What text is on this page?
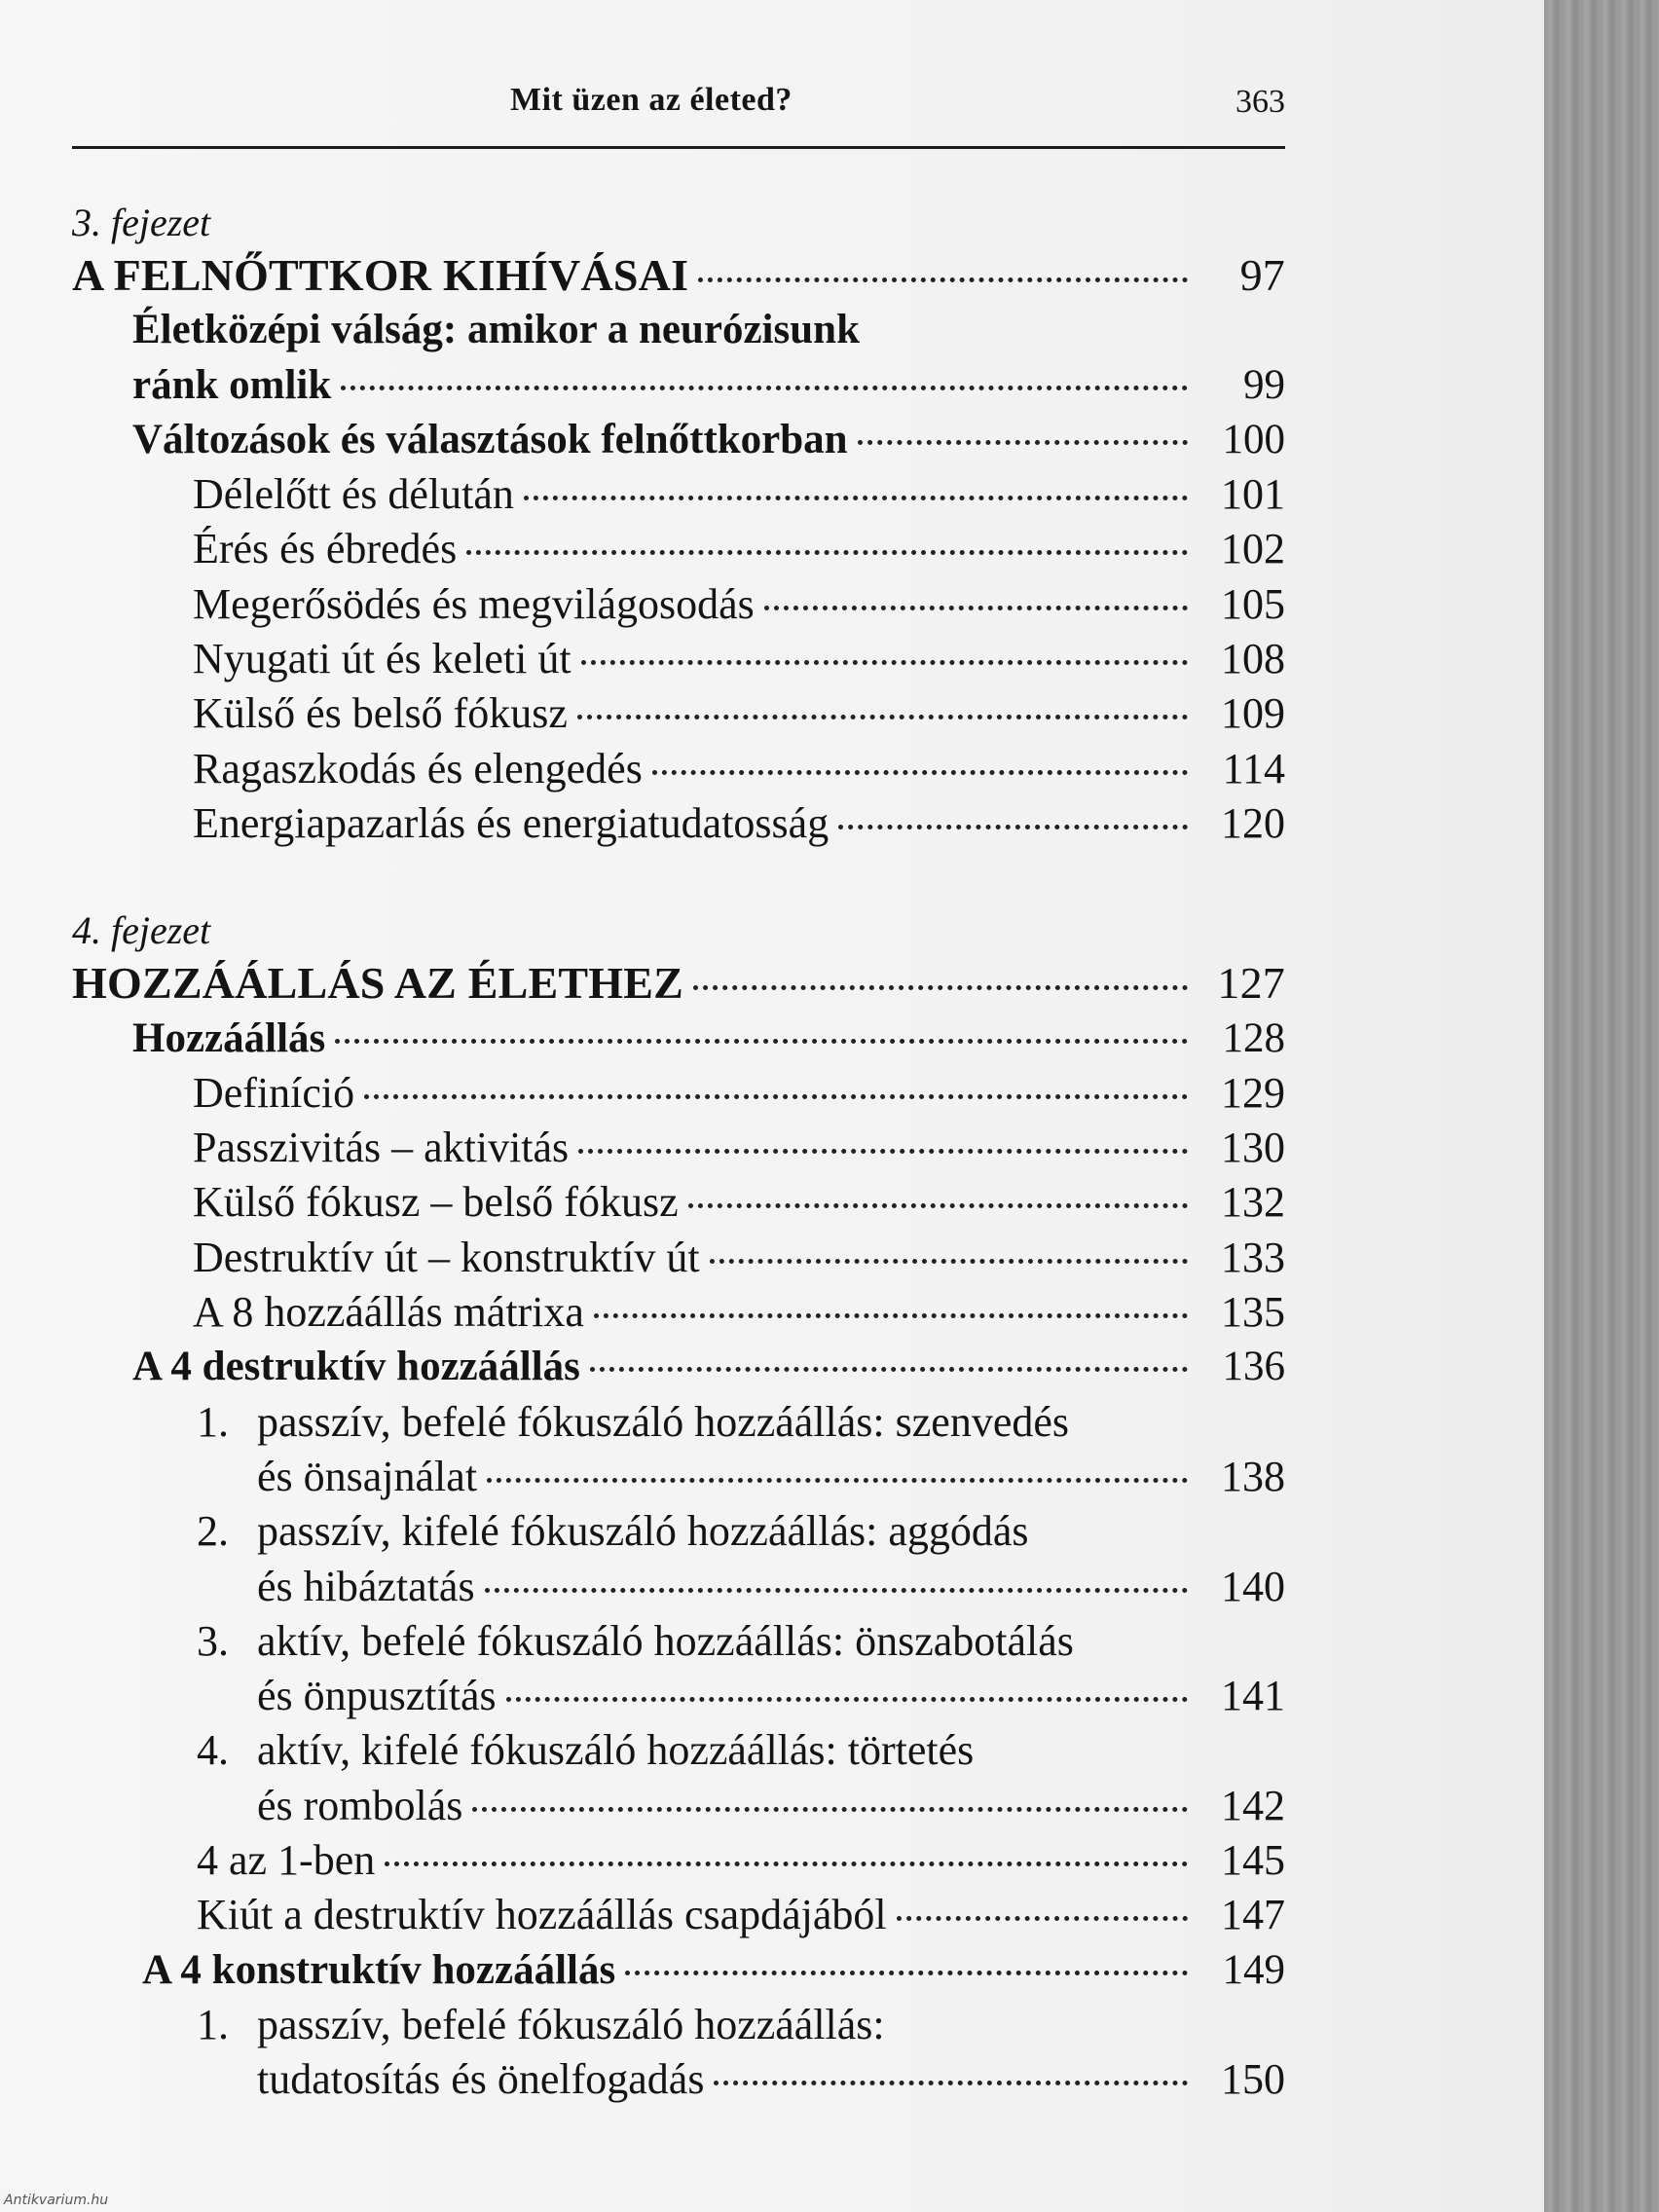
Mit üzen az életed?	363
3. fejezet
A FELNŐTTKOR KIHÍVÁSAI	97
Életközépi válság: amikor a neurózisunk
ránk omlik	99
Változások és választások felnőttkorban	100
Délelőtt és délután	101
Érés és ébredés	102
Megerősödés és megvilágosodás	105
Nyugati út és keleti út	108
Külső és belső fókusz	109
Ragaszkodás és elengedés	114
Energiapazarlás és energiatudatosság	120
4. fejezet
HOZZÁÁLLÁS AZ ÉLETHEZ	127
Hozzáállás	128
Definíció	129
Passzivitás – aktivitás	130
Külső fókusz – belső fókusz	132
Destruktív út – konstruktív út	133
A 8 hozzáállás mátrixa	135
A 4 destruktív hozzáállás	136
1. passzív, befelé fókuszáló hozzáállás: szenvedés
és önsajnálat	138
2. passzív, kifelé fókuszáló hozzáállás: aggódás
és hibáztatás	140
3. aktív, befelé fókuszáló hozzáállás: önszabotálás
és önpusztítás	141
4. aktív, kifelé fókuszáló hozzáállás: törtetés
és rombolás	142
4 az 1-ben	145
Kiút a destruktív hozzáállás csapdájából	147
A 4 konstruktív hozzáállás	149
1. passzív, befelé fókuszáló hozzáállás:
tudatosítás és önelfogadás	150
Antikvarium.hu
